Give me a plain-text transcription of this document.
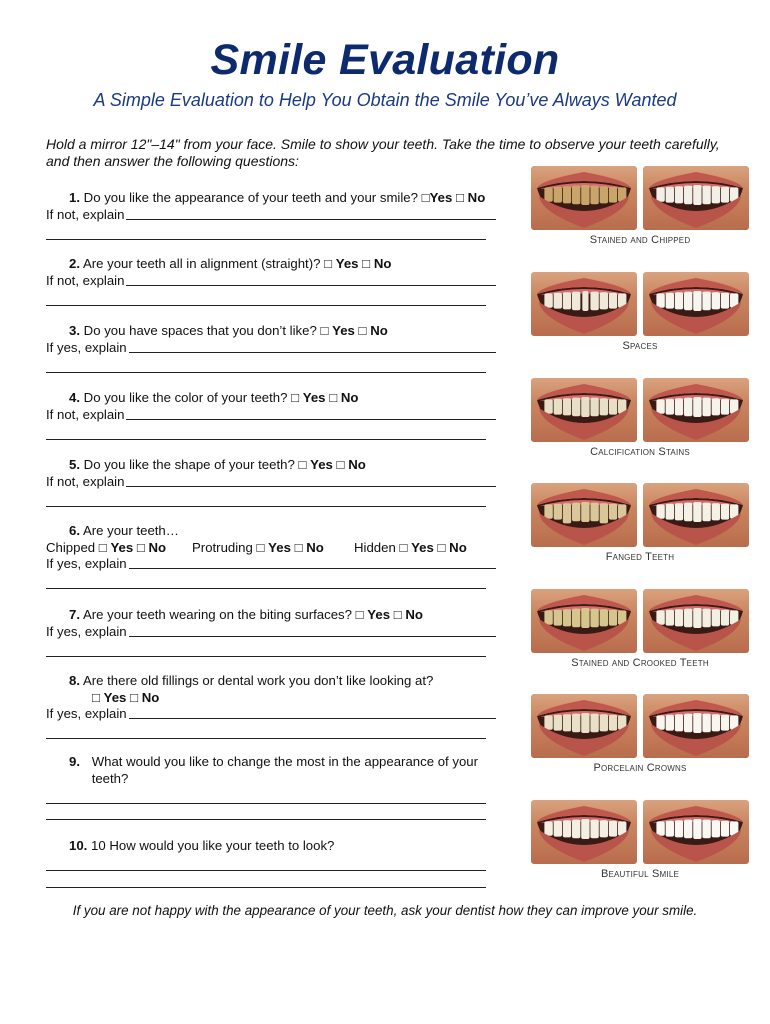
Smile Evaluation
A Simple Evaluation to Help You Obtain the Smile You’ve Always Wanted
Hold a mirror 12"–14" from your face. Smile to show your teeth. Take the time to observe your teeth carefully, and then answer the following questions:
1. Do you like the appearance of your teeth and your smile? □Yes □ No
If not, explain
2. Are your teeth all in alignment (straight)? □ Yes □ No
If not, explain
3. Do you have spaces that you don’t like? □ Yes □ No
If yes, explain
4. Do you like the color of your teeth? □ Yes □ No
If not, explain
5. Do you like the shape of your teeth? □ Yes □ No
If not, explain
6. Are your teeth…
Chipped □ Yes □ No	Protruding □ Yes □ No	Hidden □ Yes □ No
If yes, explain
7. Are your teeth wearing on the biting surfaces? □ Yes □ No
If yes, explain
8. Are there old fillings or dental work you don’t like looking at?
□ Yes □ No
If yes, explain
9. What would you like to change the most in the appearance of your teeth?
10. 10 How would you like your teeth to look?
Stained and Chipped
Spaces
Calcification Stains
Fanged Teeth
Stained and Crooked Teeth
Porcelain Crowns
Beautiful Smile
If you are not happy with the appearance of your teeth, ask your dentist how they can improve your smile.
